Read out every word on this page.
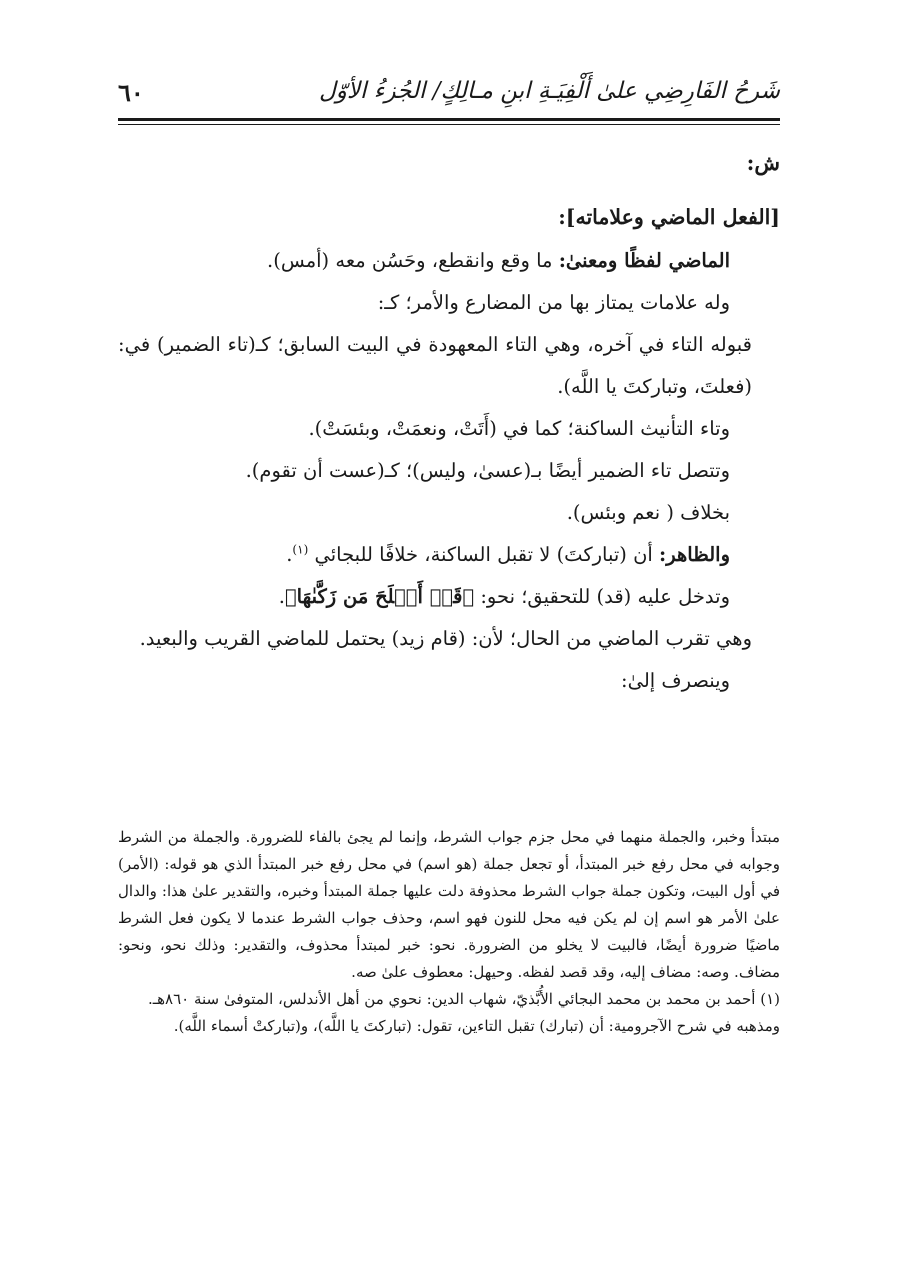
شَرحُ الفَارِضِي علىٰ أَلْفِيَـةِ ابنِ مـالِكٍ/ الجُزءُ الأوّل
٦٠

ش:

[الفعل الماضي وعلاماته]:

الماضي لفظًا ومعنىٰ: ما وقع وانقطع، وحَسُن معه (أمس).

وله علامات يمتاز بها من المضارع والأمر؛ كـ:

قبوله التاء في آخره، وهي التاء المعهودة في البيت السابق؛ كـ(تاء الضمير) في: (فعلتَ، وتباركتَ يا اللَّه).

وتاء التأنيث الساكنة؛ كما في (أَتَتْ، ونعمَتْ، وبئسَتْ).

وتتصل تاء الضمير أيضًا بـ(عسىٰ، وليس)؛ كـ(عست أن تقوم).

بخلاف ( نعم وبئس).

والظاهر: أن (تباركتَ) لا تقبل الساكنة، خلافًا للبجائي $^{(١)}$.

وتدخل عليه (قد) للتحقيق؛ نحو: ﴿قَدۡ أَفۡلَحَ مَن زَكَّىٰهَا﴾.

وهي تقرب الماضي من الحال؛ لأن: (قام زيد) يحتمل للماضي القريب والبعيد.

وينصرف إلىٰ:

مبتدأ وخبر، والجملة منهما في محل جزم جواب الشرط، وإنما لم يجئ بالفاء للضرورة. والجملة من الشرط وجوابه في محل رفع خبر المبتدأ، أو تجعل جملة (هو اسم) في محل رفع خبر المبتدأ الذي هو قوله: (الأمر) في أول البيت، وتكون جملة جواب الشرط محذوفة دلت عليها جملة المبتدأ وخبره، والتقدير علىٰ هذا: والدال علىٰ الأمر هو اسم إن لم يكن فيه محل للنون فهو اسم، وحذف جواب الشرط عندما لا يكون فعل الشرط ماضيًا ضرورة أيضًا، فالبيت لا يخلو من الضرورة. نحو: خبر لمبتدأ محذوف، والتقدير: وذلك نحو، ونحو: مضاف. وصه: مضاف إليه، وقد قصد لفظه. وحيهل: معطوف علىٰ صه.

(١) أحمد بن محمد بن محمد البجائي الأُبَّذيّ، شهاب الدين: نحوي من أهل الأندلس، المتوفىٰ سنة ٨٦٠هـ.

ومذهبه في شرح الآجرومية: أن (تبارك) تقبل التاءين، تقول: (تباركتَ يا اللَّه)، و(تباركتْ أسماء اللَّه).
